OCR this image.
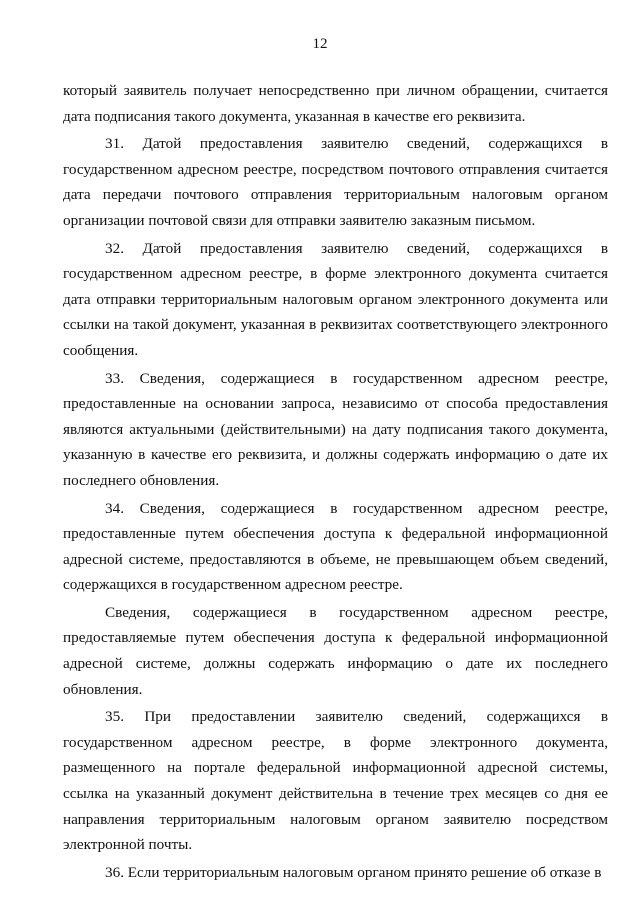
12

который заявитель получает непосредственно при личном обращении, считается дата подписания такого документа, указанная в качестве его реквизита.

31. Датой предоставления заявителю сведений, содержащихся в государственном адресном реестре, посредством почтового отправления считается дата передачи почтового отправления территориальным налоговым органом организации почтовой связи для отправки заявителю заказным письмом.

32. Датой предоставления заявителю сведений, содержащихся в государственном адресном реестре, в форме электронного документа считается дата отправки территориальным налоговым органом электронного документа или ссылки на такой документ, указанная в реквизитах соответствующего электронного сообщения.

33. Сведения, содержащиеся в государственном адресном реестре, предоставленные на основании запроса, независимо от способа предоставления являются актуальными (действительными) на дату подписания такого документа, указанную в качестве его реквизита, и должны содержать информацию о дате их последнего обновления.

34. Сведения, содержащиеся в государственном адресном реестре, предоставленные путем обеспечения доступа к федеральной информационной адресной системе, предоставляются в объеме, не превышающем объем сведений, содержащихся в государственном адресном реестре.

Сведения, содержащиеся в государственном адресном реестре, предоставляемые путем обеспечения доступа к федеральной информационной адресной системе, должны содержать информацию о дате их последнего обновления.

35. При предоставлении заявителю сведений, содержащихся в государственном адресном реестре, в форме электронного документа, размещенного на портале федеральной информационной адресной системы, ссылка на указанный документ действительна в течение трех месяцев со дня ее направления территориальным налоговым органом заявителю посредством электронной почты.

36. Если территориальным налоговым органом принято решение об отказе в
